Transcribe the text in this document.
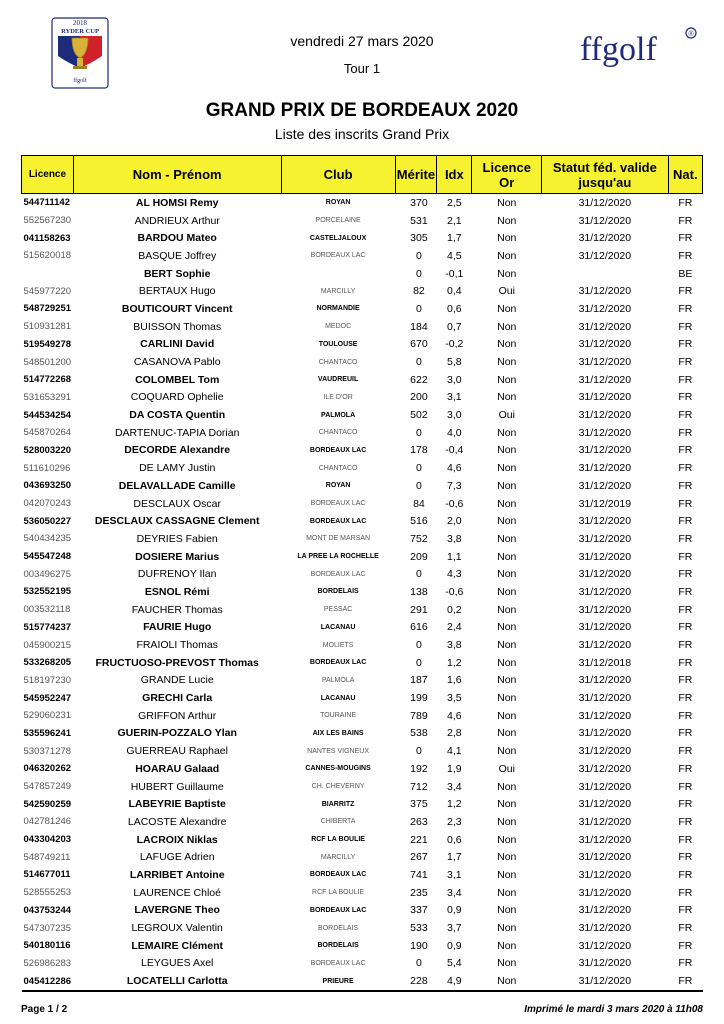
2018
RYDER CUP
ffgolf
vendredi 27 mars 2020
Tour 1
ffgolf	®
GRAND PRIX DE BORDEAUX 2020
Liste des inscrits Grand Prix
Licence	Nom - Prénom	Club	Mérite	Idx	Licence
Or	Statut féd. valide
jusqu'au	Nat.
544711142	AL HOMSI Remy	ROYAN	370	2,5	Non	31/12/2020	FR
552567230	ANDRIEUX Arthur	PORCELAINE	531	2,1	Non	31/12/2020	FR
041158263	BARDOU Mateo	CASTELJALOUX	305	1,7	Non	31/12/2020	FR
515620018	BASQUE Joffrey	BORDEAUX LAC	0	4,5	Non	31/12/2020	FR
	BERT Sophie		0	-0,1	Non		BE
545977220	BERTAUX Hugo	MARCILLY	82	0,4	Oui	31/12/2020	FR
548729251	BOUTICOURT Vincent	NORMANDIE	0	0,6	Non	31/12/2020	FR
510931281	BUISSON Thomas	MEDOC	184	0,7	Non	31/12/2020	FR
519549278	CARLINI David	TOULOUSE	670	-0,2	Non	31/12/2020	FR
548501200	CASANOVA Pablo	CHANTACO	0	5,8	Non	31/12/2020	FR
514772268	COLOMBEL Tom	VAUDREUIL	622	3,0	Non	31/12/2020	FR
531653291	COQUARD Ophelie	ILE D'OR	200	3,1	Non	31/12/2020	FR
544534254	DA COSTA Quentin	PALMOLA	502	3,0	Oui	31/12/2020	FR
545870264	DARTENUC-TAPIA Dorian	CHANTACO	0	4,0	Non	31/12/2020	FR
528003220	DECORDE Alexandre	BORDEAUX LAC	178	-0,4	Non	31/12/2020	FR
511610296	DE LAMY Justin	CHANTACO	0	4,6	Non	31/12/2020	FR
043693250	DELAVALLADE Camille	ROYAN	0	7,3	Non	31/12/2020	FR
042070243	DESCLAUX Oscar	BORDEAUX LAC	84	-0,6	Non	31/12/2019	FR
536050227	DESCLAUX CASSAGNE Clement	BORDEAUX LAC	516	2,0	Non	31/12/2020	FR
540434235	DEYRIES Fabien	MONT DE MARSAN	752	3,8	Non	31/12/2020	FR
545547248	DOSIERE Marius	LA PREE LA ROCHELLE	209	1,1	Non	31/12/2020	FR
003496275	DUFRENOY Ilan	BORDEAUX LAC	0	4,3	Non	31/12/2020	FR
532552195	ESNOL Rémi	BORDELAIS	138	-0,6	Non	31/12/2020	FR
003532118	FAUCHER Thomas	PESSAC	291	0,2	Non	31/12/2020	FR
515774237	FAURIE Hugo	LACANAU	616	2,4	Non	31/12/2020	FR
045900215	FRAIOLI Thomas	MOLIETS	0	3,8	Non	31/12/2020	FR
533268205	FRUCTUOSO-PREVOST Thomas	BORDEAUX LAC	0	1,2	Non	31/12/2018	FR
518197230	GRANDE Lucie	PALMOLA	187	1,6	Non	31/12/2020	FR
545952247	GRECHI Carla	LACANAU	199	3,5	Non	31/12/2020	FR
529060231	GRIFFON Arthur	TOURAINE	789	4,6	Non	31/12/2020	FR
535596241	GUERIN-POZZALO Ylan	AIX LES BAINS	538	2,8	Non	31/12/2020	FR
530371278	GUERREAU Raphael	NANTES VIGNEUX	0	4,1	Non	31/12/2020	FR
046320262	HOARAU Galaad	CANNES-MOUGINS	192	1,9	Oui	31/12/2020	FR
547857249	HUBERT Guillaume	CH. CHEVERNY	712	3,4	Non	31/12/2020	FR
542590259	LABEYRIE Baptiste	BIARRITZ	375	1,2	Non	31/12/2020	FR
042781246	LACOSTE Alexandre	CHIBERTA	263	2,3	Non	31/12/2020	FR
043304203	LACROIX Niklas	RCF LA BOULIE	221	0,6	Non	31/12/2020	FR
548749211	LAFUGE Adrien	MARCILLY	267	1,7	Non	31/12/2020	FR
514677011	LARRIBET Antoine	BORDEAUX LAC	741	3,1	Non	31/12/2020	FR
528555253	LAURENCE Chloé	RCF LA BOULIE	235	3,4	Non	31/12/2020	FR
043753244	LAVERGNE Theo	BORDEAUX LAC	337	0,9	Non	31/12/2020	FR
547307235	LEGROUX Valentin	BORDELAIS	533	3,7	Non	31/12/2020	FR
540180116	LEMAIRE Clément	BORDELAIS	190	0,9	Non	31/12/2020	FR
526986283	LEYGUES Axel	BORDEAUX LAC	0	5,4	Non	31/12/2020	FR
045412286	LOCATELLI Carlotta	PRIEURE	228	4,9	Non	31/12/2020	FR
Page 1 / 2	Imprimé le mardi 3 mars 2020 à 11h08
